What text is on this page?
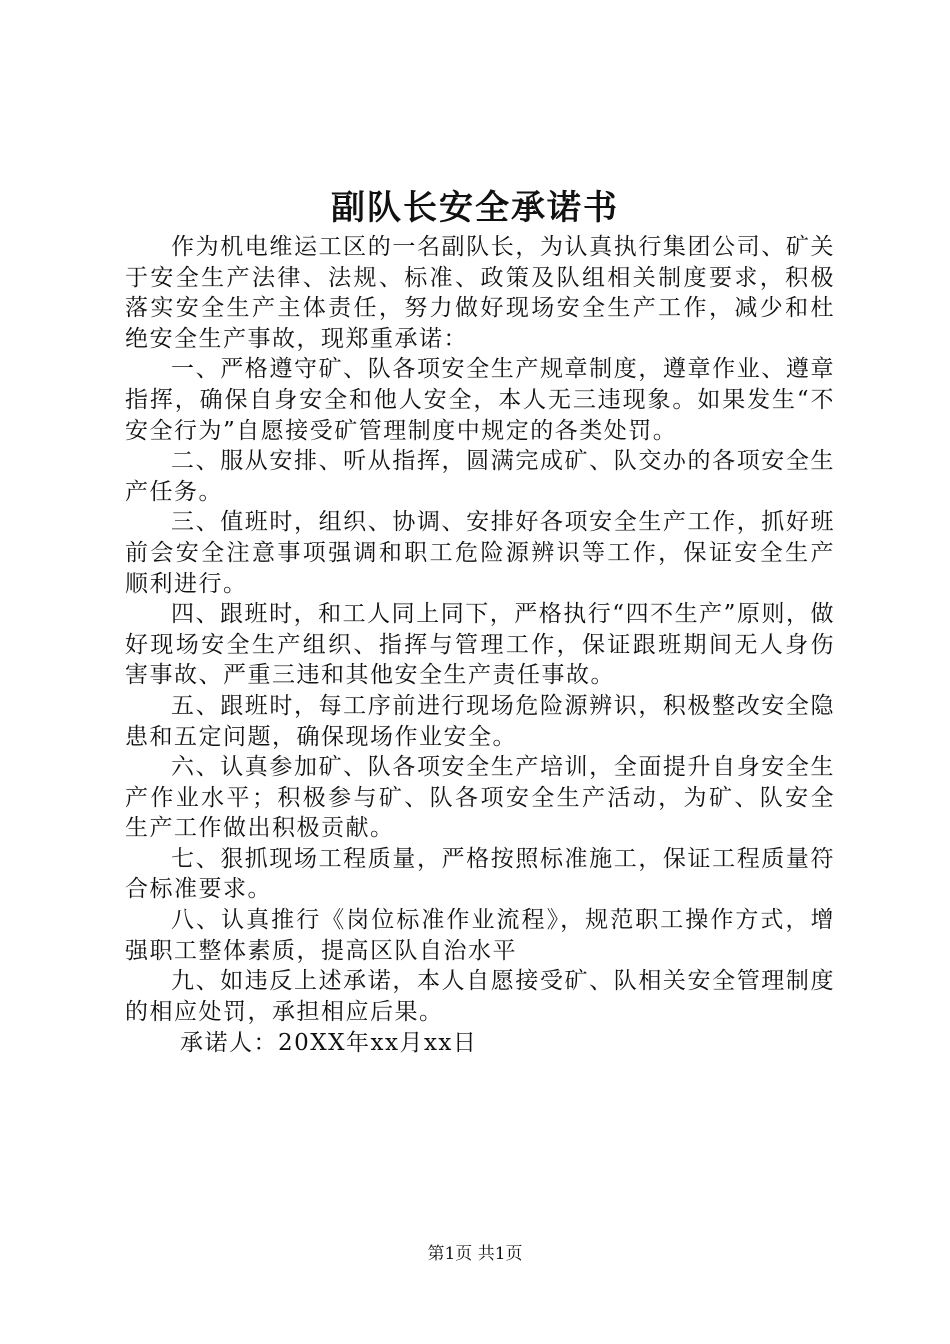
副队长安全承诺书

作为机电维运工区的一名副队长，为认真执行集团公司、矿关于安全生产法律、法规、标准、政策及队组相关制度要求，积极落实安全生产主体责任，努力做好现场安全生产工作，减少和杜绝安全生产事故，现郑重承诺：

一、严格遵守矿、队各项安全生产规章制度，遵章作业、遵章指挥，确保自身安全和他人安全，本人无三违现象。如果发生“不安全行为”自愿接受矿管理制度中规定的各类处罚。

二、服从安排、听从指挥，圆满完成矿、队交办的各项安全生产任务。

三、值班时，组织、协调、安排好各项安全生产工作，抓好班前会安全注意事项强调和职工危险源辨识等工作，保证安全生产顺利进行。

四、跟班时，和工人同上同下，严格执行“四不生产”原则，做好现场安全生产组织、指挥与管理工作，保证跟班期间无人身伤害事故、严重三违和其他安全生产责任事故。

五、跟班时，每工序前进行现场危险源辨识，积极整改安全隐患和五定问题，确保现场作业安全。

六、认真参加矿、队各项安全生产培训，全面提升自身安全生产作业水平；积极参与矿、队各项安全生产活动，为矿、队安全生产工作做出积极贡献。

七、狠抓现场工程质量，严格按照标准施工，保证工程质量符合标准要求。

八、认真推行《岗位标准作业流程》，规范职工操作方式，增强职工整体素质，提高区队自治水平

九、如违反上述承诺，本人自愿接受矿、队相关安全管理制度的相应处罚，承担相应后果。

承诺人：20XX年xx月xx日
第1页 共1页
